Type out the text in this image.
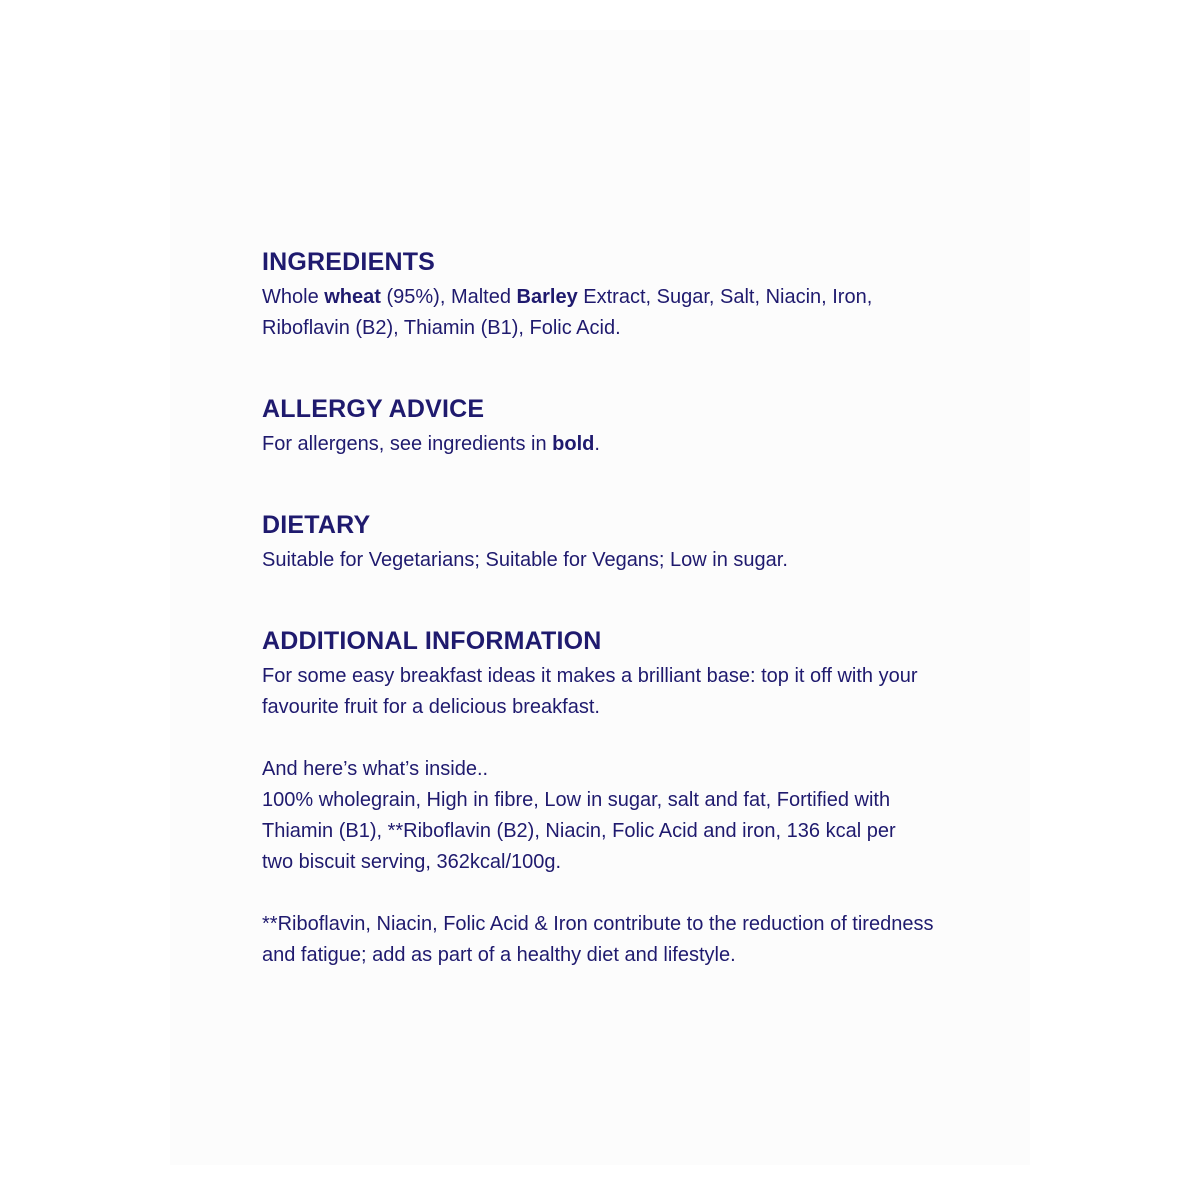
INGREDIENTS

Whole wheat (95%), Malted Barley Extract, Sugar, Salt, Niacin, Iron,

Riboflavin (B2), Thiamin (B1), Folic Acid.

ALLERGY ADVICE

For allergens, see ingredients in bold.

DIETARY

Suitable for Vegetarians; Suitable for Vegans; Low in sugar.

ADDITIONAL INFORMATION

For some easy breakfast ideas it makes a brilliant base: top it off with your

favourite fruit for a delicious breakfast.

And here’s what’s inside..

100% wholegrain, High in fibre, Low in sugar, salt and fat, Fortified with

Thiamin (B1), **Riboflavin (B2), Niacin, Folic Acid and iron, 136 kcal per

two biscuit serving, 362kcal/100g.

**Riboflavin, Niacin, Folic Acid & Iron contribute to the reduction of tiredness

and fatigue; add as part of a healthy diet and lifestyle.
